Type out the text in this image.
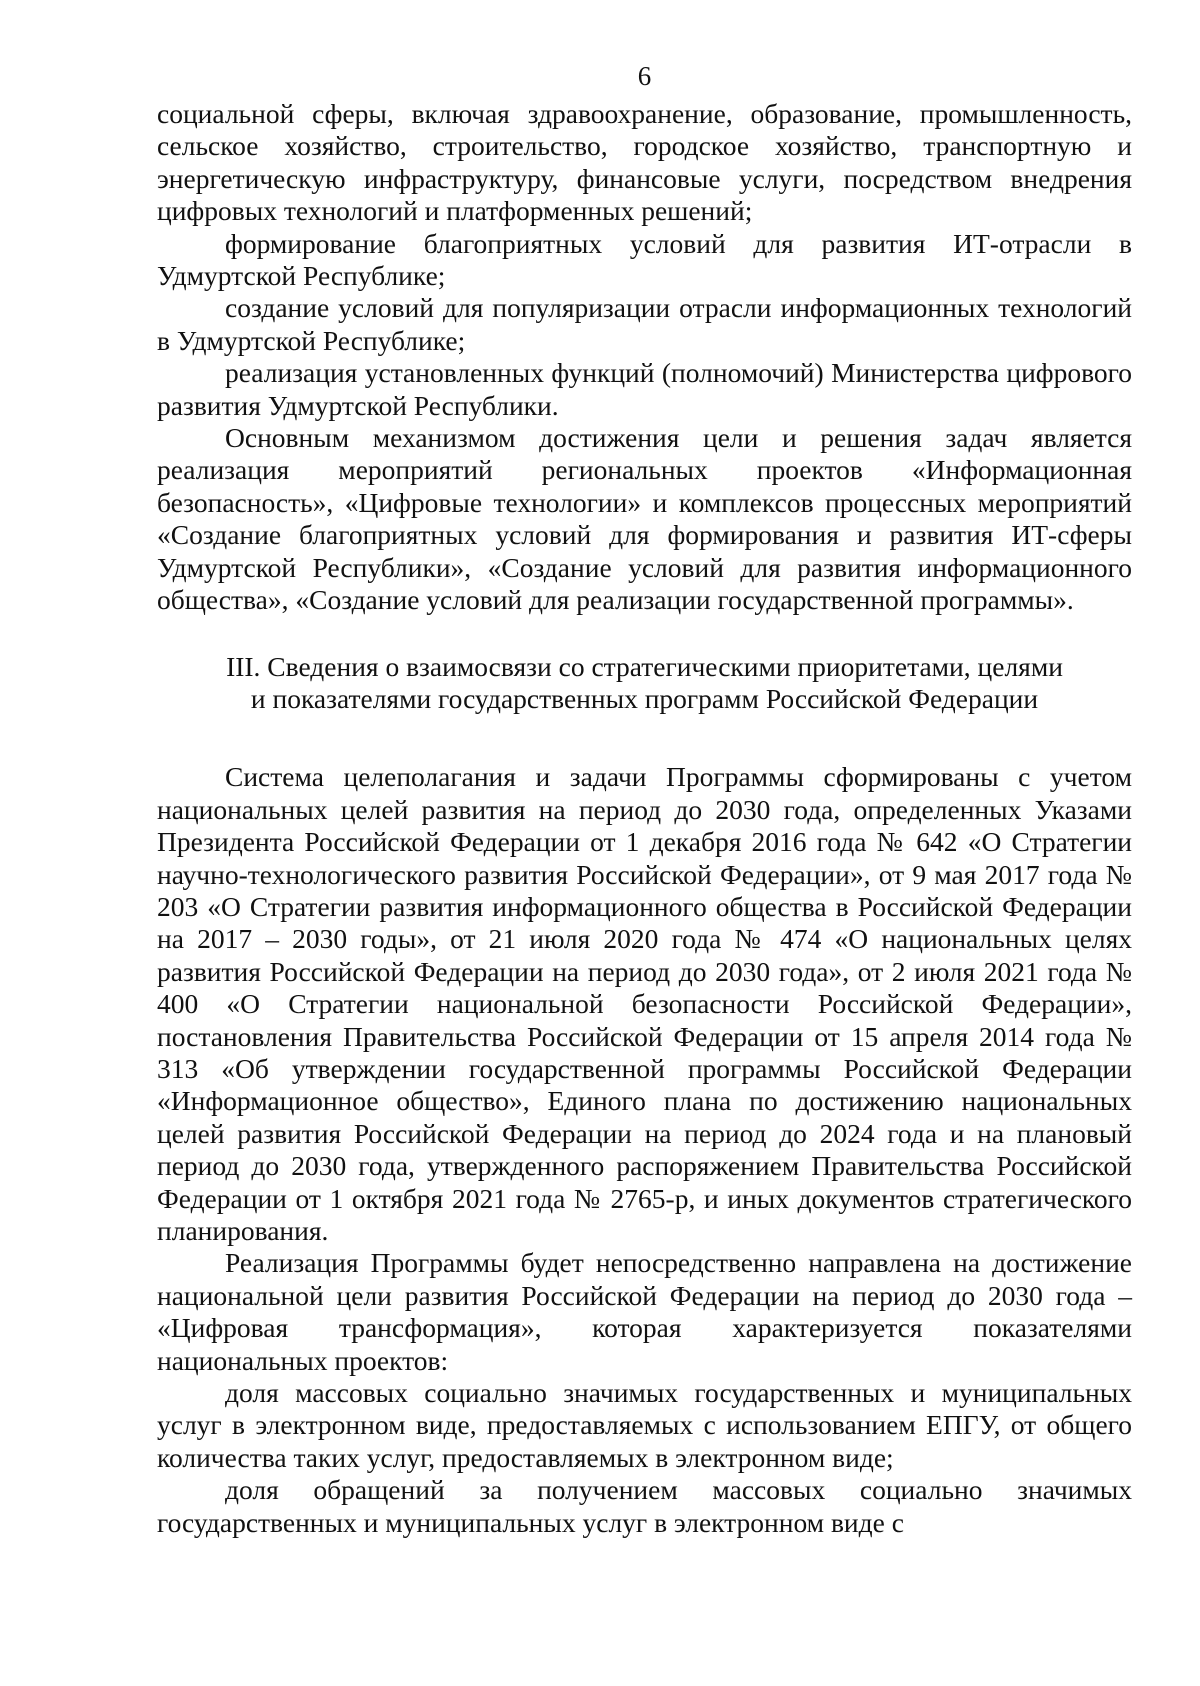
6

социальной сферы, включая здравоохранение, образование, промышленность, сельское хозяйство, строительство, городское хозяйство, транспортную и энергетическую инфраструктуру, финансовые услуги, посредством внедрения цифровых технологий и платформенных решений;

формирование благоприятных условий для развития ИТ-отрасли в Удмуртской Республике;

создание условий для популяризации отрасли информационных технологий в Удмуртской Республике;

реализация установленных функций (полномочий) Министерства цифрового развития Удмуртской Республики.

Основным механизмом достижения цели и решения задач является реализация мероприятий региональных проектов «Информационная безопасность», «Цифровые технологии» и комплексов процессных мероприятий «Создание благоприятных условий для формирования и развития ИТ-сферы Удмуртской Республики», «Создание условий для развития информационного общества», «Создание условий для реализации государственной программы».

III. Сведения о взаимосвязи со стратегическими приоритетами, целями
и показателями государственных программ Российской Федерации

Система целеполагания и задачи Программы сформированы с учетом национальных целей развития на период до 2030 года, определенных Указами Президента Российской Федерации от 1 декабря 2016 года № 642 «О Стратегии научно-технологического развития Российской Федерации», от 9 мая 2017 года № 203 «О Стратегии развития информационного общества в Российской Федерации на 2017 – 2030 годы», от 21 июля 2020 года № 474 «О национальных целях развития Российской Федерации на период до 2030 года», от 2 июля 2021 года № 400 «О Стратегии национальной безопасности Российской Федерации», постановления Правительства Российской Федерации от 15 апреля 2014 года № 313 «Об утверждении государственной программы Российской Федерации «Информационное общество», Единого плана по достижению национальных целей развития Российской Федерации на период до 2024 года и на плановый период до 2030 года, утвержденного распоряжением Правительства Российской Федерации от 1 октября 2021 года № 2765-р, и иных документов стратегического планирования.

Реализация Программы будет непосредственно направлена на достижение национальной цели развития Российской Федерации на период до 2030 года – «Цифровая трансформация», которая характеризуется показателями национальных проектов:

доля массовых социально значимых государственных и муниципальных услуг в электронном виде, предоставляемых с использованием ЕПГУ, от общего количества таких услуг, предоставляемых в электронном виде;

доля обращений за получением массовых социально значимых государственных и муниципальных услуг в электронном виде с
